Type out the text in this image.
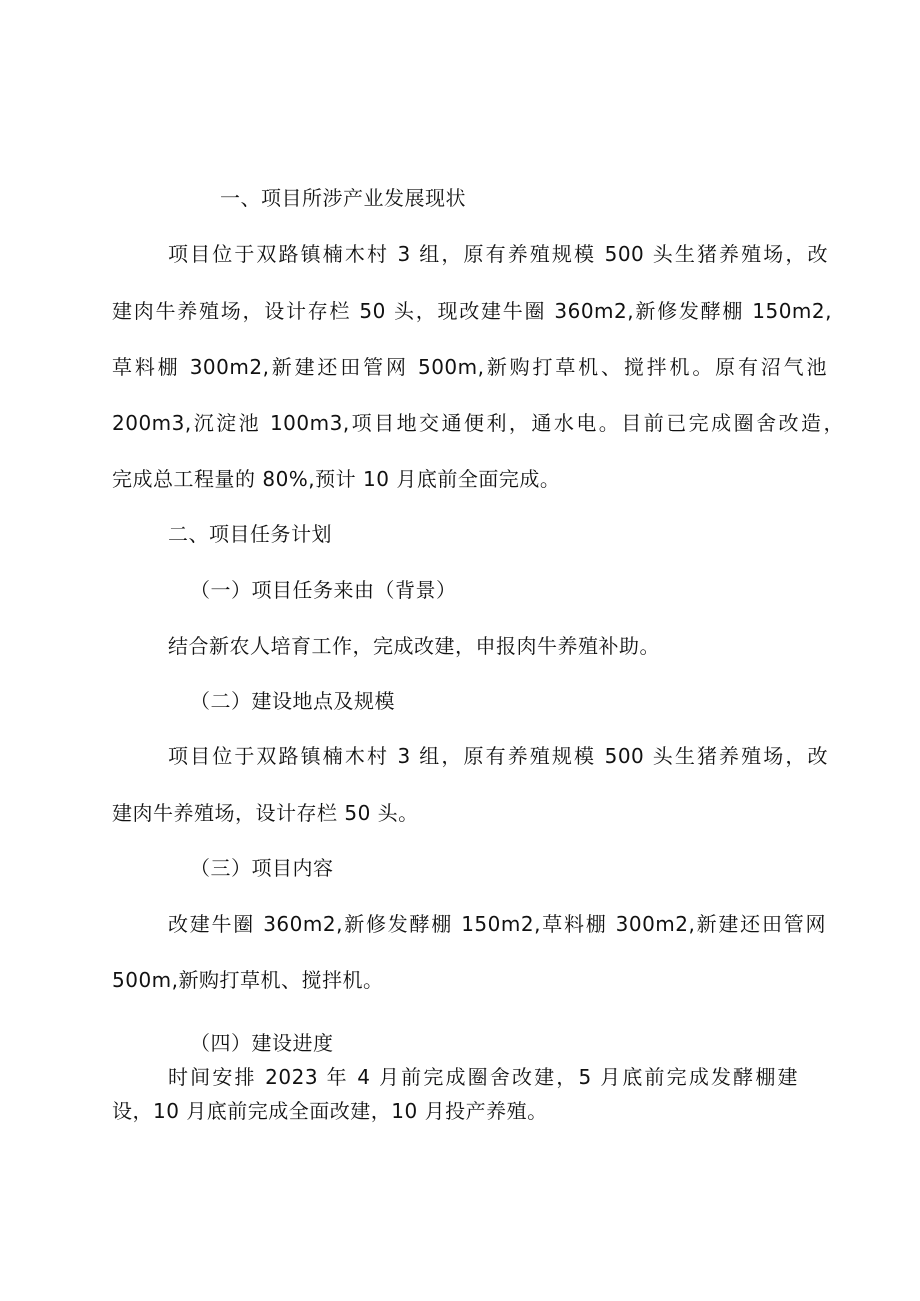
一、项目所涉产业发展现状
项目位于双路镇楠木村 3 组，原有养殖规模 500 头生猪养殖场，改
建肉牛养殖场，设计存栏 50 头，现改建牛圈 360m2,新修发酵棚 150m2,
草料棚 300m2,新建还田管网 500m,新购打草机、搅拌机。原有沼气池
200m3,沉淀池 100m3,项目地交通便利，通水电。目前已完成圈舍改造，
完成总工程量的 80%,预计 10 月底前全面完成。
二、项目任务计划
（一）项目任务来由（背景）
结合新农人培育工作，完成改建，申报肉牛养殖补助。
（二）建设地点及规模
项目位于双路镇楠木村 3 组，原有养殖规模 500 头生猪养殖场，改
建肉牛养殖场，设计存栏 50 头。
（三）项目内容
改建牛圈 360m2,新修发酵棚 150m2,草料棚 300m2,新建还田管网
500m,新购打草机、搅拌机。
（四）建设进度
时间安排 2023 年 4 月前完成圈舍改建，5 月底前完成发酵棚建
设，10 月底前完成全面改建，10 月投产养殖。
